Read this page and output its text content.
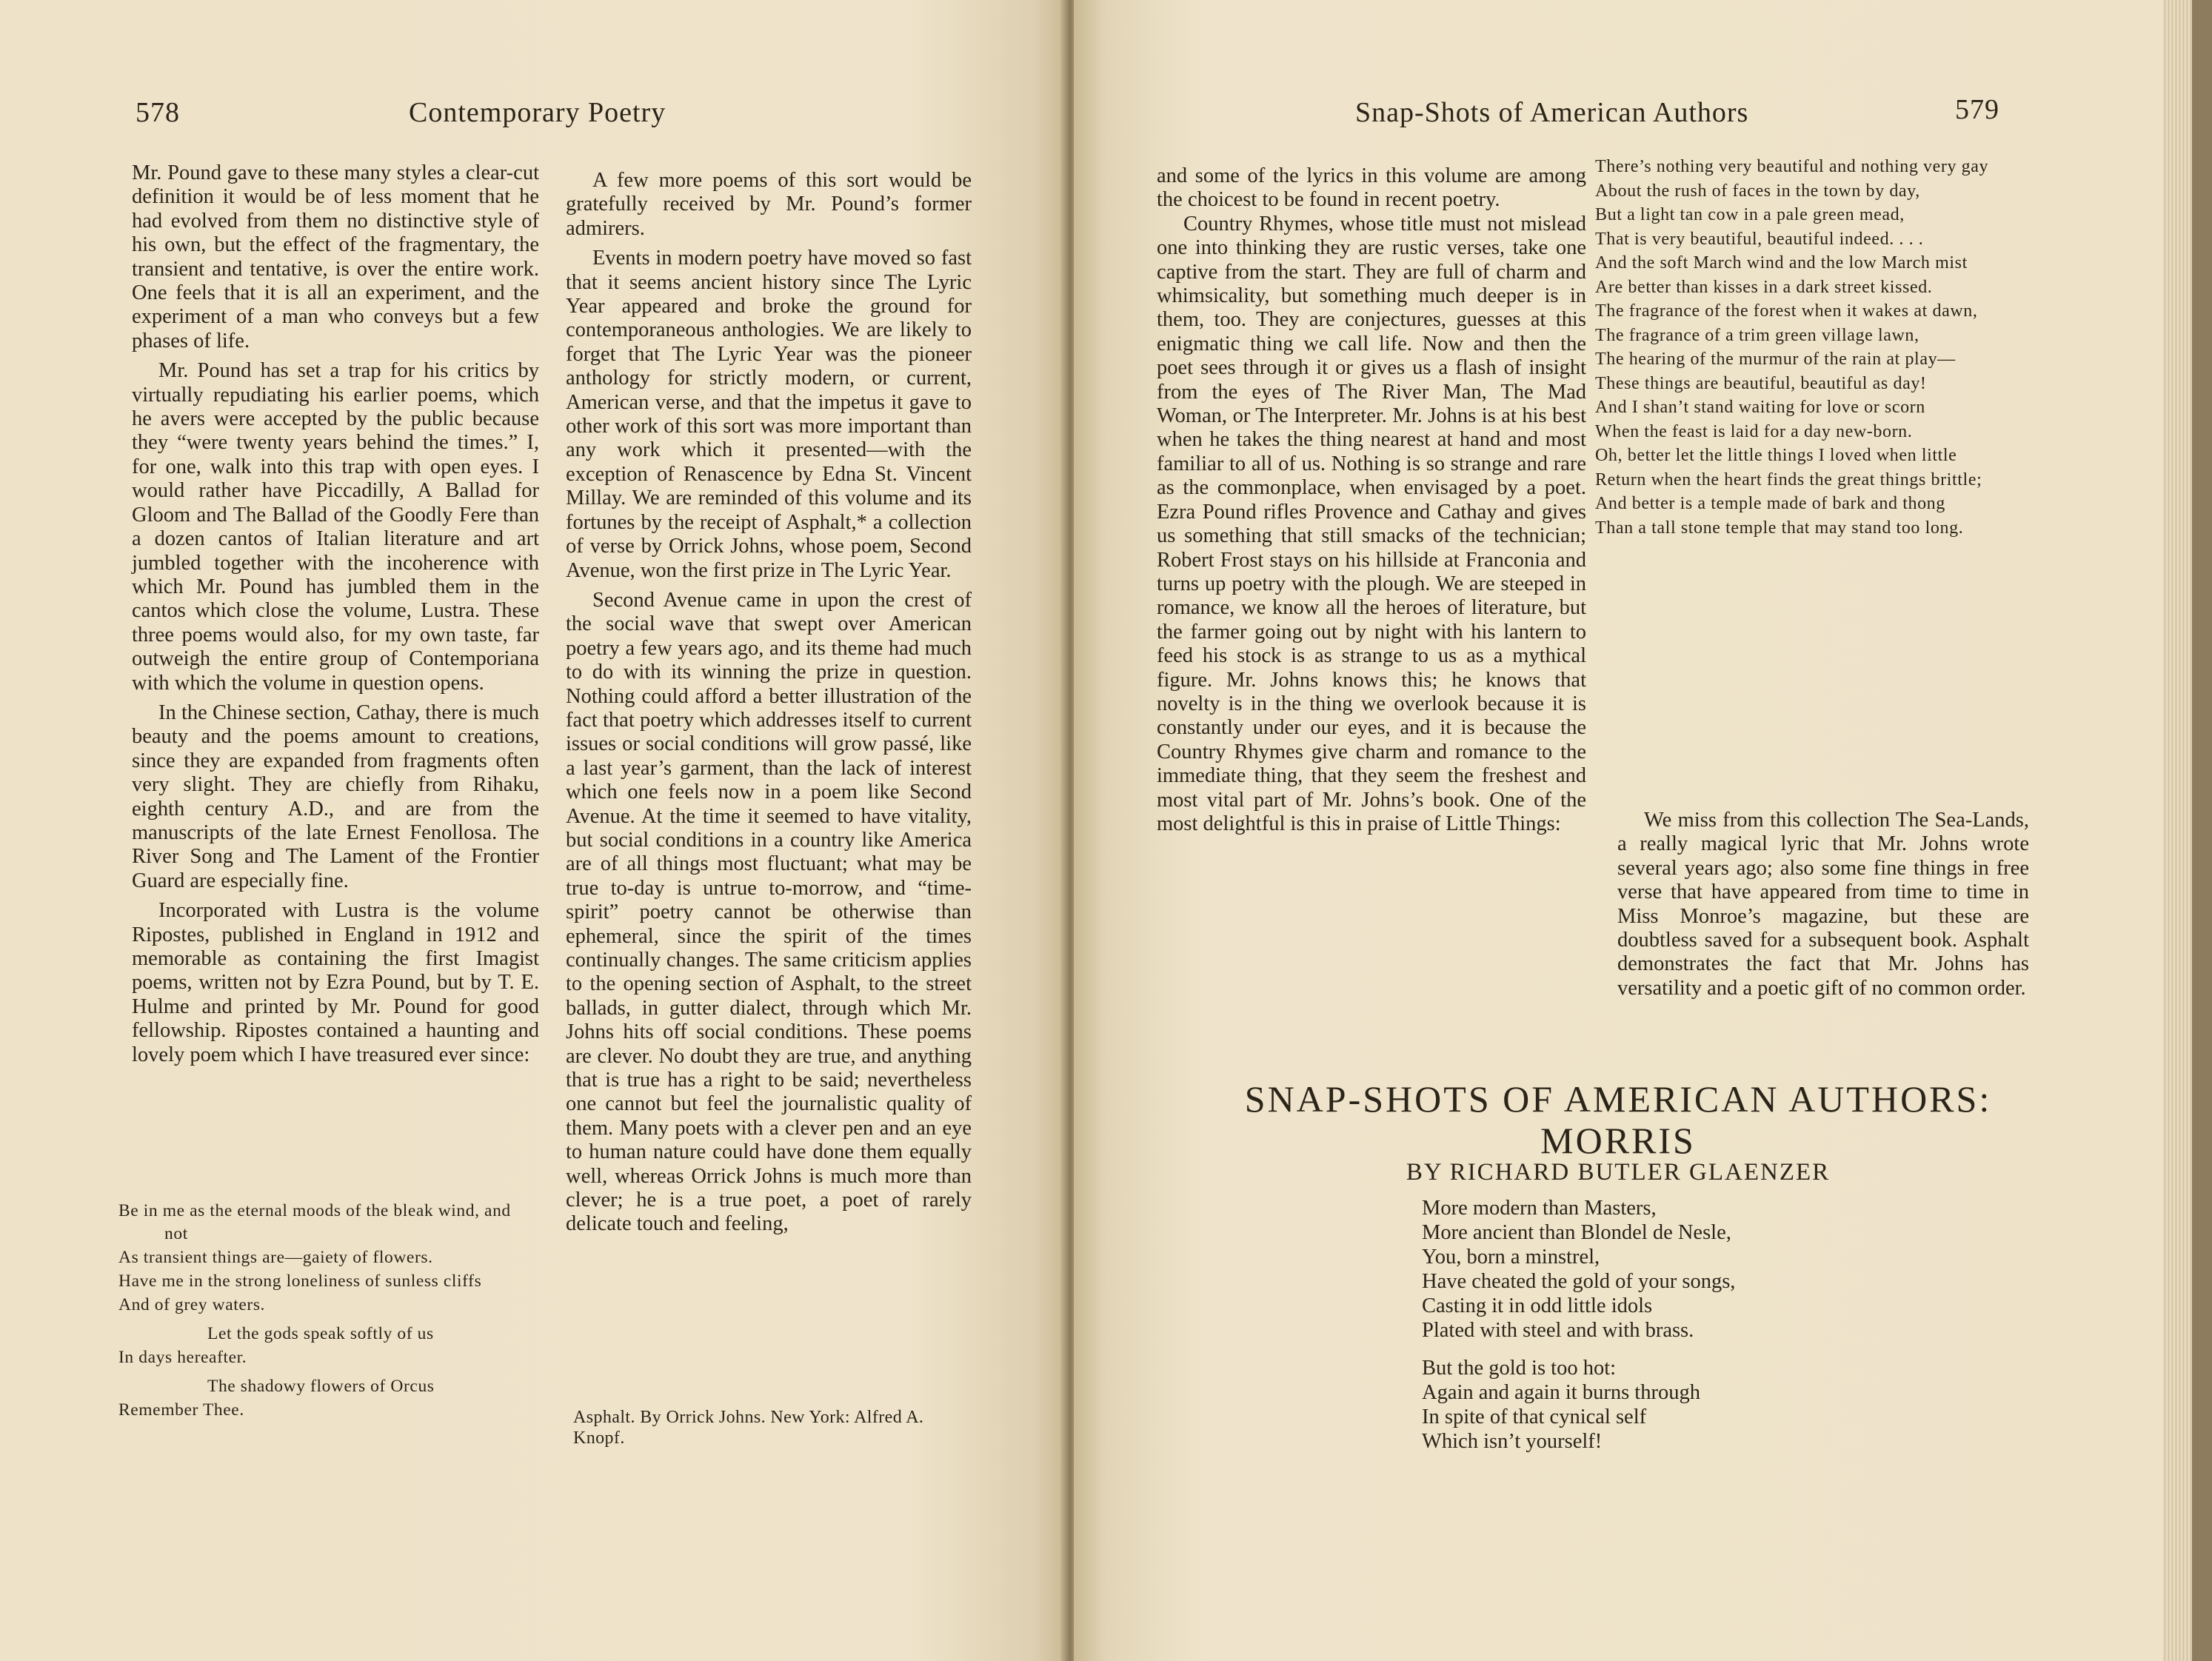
578	Contemporary Poetry

Mr. Pound gave to these many styles a clear-cut definition it would be of less moment that he had evolved from them no distinctive style of his own, but the effect of the fragmentary, the transient and tentative, is over the entire work. One feels that it is all an experiment, and the experiment of a man who conveys but a few phases of life.

Mr. Pound has set a trap for his critics by virtually repudiating his earlier poems, which he avers were accepted by the public because they “were twenty years behind the times.” I, for one, walk into this trap with open eyes. I would rather have Piccadilly, A Ballad for Gloom and The Ballad of the Goodly Fere than a dozen cantos of Italian literature and art jumbled together with the incoherence with which Mr. Pound has jumbled them in the cantos which close the volume, Lustra. These three poems would also, for my own taste, far outweigh the entire group of Contemporiana with which the volume in question opens.

In the Chinese section, Cathay, there is much beauty and the poems amount to creations, since they are expanded from fragments often very slight. They are chiefly from Rihaku, eighth century A.D., and are from the manuscripts of the late Ernest Fenollosa. The River Song and The Lament of the Frontier Guard are especially fine.

Incorporated with Lustra is the volume Ripostes, published in England in 1912 and memorable as containing the first Imagist poems, written not by Ezra Pound, but by T. E. Hulme and printed by Mr. Pound for good fellowship. Ripostes contained a haunting and lovely poem which I have treasured ever since:

Be in me as the eternal moods of the bleak wind, and not

As transient things are—gaiety of flowers.

Have me in the strong loneliness of sunless cliffs

And of grey waters.

Let the gods speak softly of us

In days hereafter.

The shadowy flowers of Orcus

Remember Thee.

A few more poems of this sort would be gratefully received by Mr. Pound’s former admirers.

Events in modern poetry have moved so fast that it seems ancient history since The Lyric Year appeared and broke the ground for contemporaneous anthologies. We are likely to forget that The Lyric Year was the pioneer anthology for strictly modern, or current, American verse, and that the impetus it gave to other work of this sort was more important than any work which it presented—with the exception of Renascence by Edna St. Vincent Millay. We are reminded of this volume and its fortunes by the receipt of Asphalt,* a collection of verse by Orrick Johns, whose poem, Second Avenue, won the first prize in The Lyric Year.

Second Avenue came in upon the crest of the social wave that swept over American poetry a few years ago, and its theme had much to do with its winning the prize in question. Nothing could afford a better illustration of the fact that poetry which addresses itself to current issues or social conditions will grow passé, like a last year’s garment, than the lack of interest which one feels now in a poem like Second Avenue. At the time it seemed to have vitality, but social conditions in a country like America are of all things most fluctuant; what may be true to-day is untrue to-morrow, and “time-spirit” poetry cannot be otherwise than ephemeral, since the spirit of the times continually changes. The same criticism applies to the opening section of Asphalt, to the street ballads, in gutter dialect, through which Mr. Johns hits off social conditions. These poems are clever. No doubt they are true, and anything that is true has a right to be said; nevertheless one cannot but feel the journalistic quality of them. Many poets with a clever pen and an eye to human nature could have done them equally well, whereas Orrick Johns is much more than clever; he is a true poet, a poet of rarely delicate touch and feeling,

Asphalt. By Orrick Johns. New York: Alfred A. Knopf.
Snap-Shots of American Authors	579

and some of the lyrics in this volume are among the choicest to be found in recent poetry.

Country Rhymes, whose title must not mislead one into thinking they are rustic verses, take one captive from the start. They are full of charm and whimsicality, but something much deeper is in them, too. They are conjectures, guesses at this enigmatic thing we call life. Now and then the poet sees through it or gives us a flash of insight from the eyes of The River Man, The Mad Woman, or The Interpreter. Mr. Johns is at his best when he takes the thing nearest at hand and most familiar to all of us. Nothing is so strange and rare as the commonplace, when envisaged by a poet. Ezra Pound rifles Provence and Cathay and gives us something that still smacks of the technician; Robert Frost stays on his hillside at Franconia and turns up poetry with the plough. We are steeped in romance, we know all the heroes of literature, but the farmer going out by night with his lantern to feed his stock is as strange to us as a mythical figure. Mr. Johns knows this; he knows that novelty is in the thing we overlook because it is constantly under our eyes, and it is because the Country Rhymes give charm and romance to the immediate thing, that they seem the freshest and most vital part of Mr. Johns’s book. One of the most delightful is this in praise of Little Things:

There’s nothing very beautiful and nothing very gay

About the rush of faces in the town by day,

But a light tan cow in a pale green mead,

That is very beautiful, beautiful indeed. . . .

And the soft March wind and the low March mist

Are better than kisses in a dark street kissed.

The fragrance of the forest when it wakes at dawn,

The fragrance of a trim green village lawn,

The hearing of the murmur of the rain at play—

These things are beautiful, beautiful as day!

And I shan’t stand waiting for love or scorn

When the feast is laid for a day new-born.

Oh, better let the little things I loved when little

Return when the heart finds the great things brittle;

And better is a temple made of bark and thong

Than a tall stone temple that may stand too long.

We miss from this collection The Sea-Lands, a really magical lyric that Mr. Johns wrote several years ago; also some fine things in free verse that have appeared from time to time in Miss Monroe’s magazine, but these are doubtless saved for a subsequent book. Asphalt demonstrates the fact that Mr. Johns has versatility and a poetic gift of no common order.

SNAP-SHOTS OF AMERICAN AUTHORS:
MORRIS
BY RICHARD BUTLER GLAENZER

More modern than Masters,

More ancient than Blondel de Nesle,

You, born a minstrel,

Have cheated the gold of your songs,

Casting it in odd little idols

Plated with steel and with brass.

But the gold is too hot:

Again and again it burns through

In spite of that cynical self

Which isn’t yourself!
